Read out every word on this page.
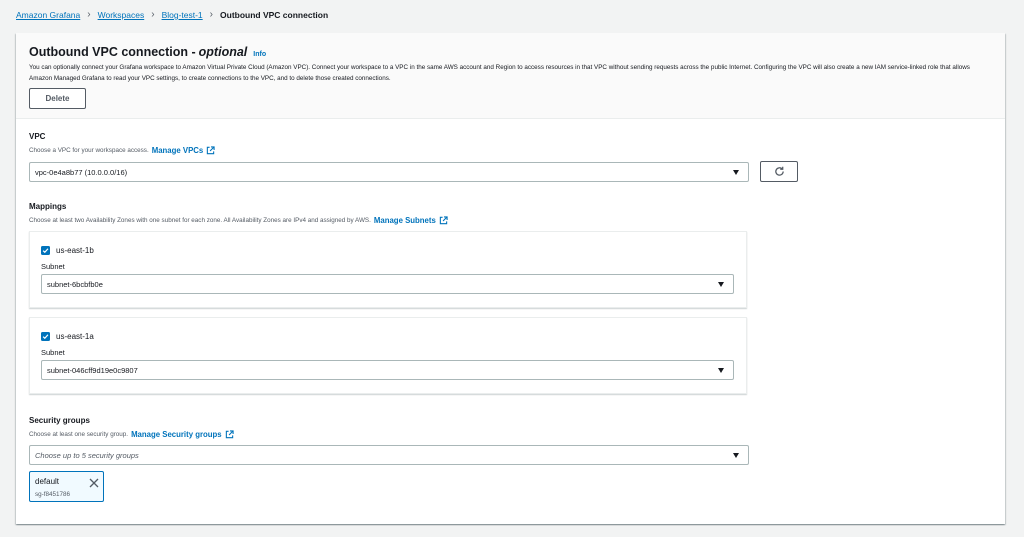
Amazon Grafana › Workspaces › Blog-test-1 › Outbound VPC connection
Outbound VPC connection - optional Info
You can optionally connect your Grafana workspace to Amazon Virtual Private Cloud (Amazon VPC). Connect your workspace to a VPC in the same AWS account and Region to access resources in that VPC without sending requests across the public Internet. Configuring the VPC will also create a new IAM service-linked role that allows Amazon Managed Grafana to read your VPC settings, to create connections to the VPC, and to delete those created connections.
Delete
VPC
Choose a VPC for your workspace access. Manage VPCs
vpc-0e4a8b77 (10.0.0.0/16)
Mappings
Choose at least two Availability Zones with one subnet for each zone. All Availability Zones are IPv4 and assigned by AWS. Manage Subnets
us-east-1b
Subnet
subnet-6bcbfb0e
us-east-1a
Subnet
subnet-046cff9d19e0c9807
Security groups
Choose at least one security group. Manage Security groups
Choose up to 5 security groups
default
sg-f8451786
